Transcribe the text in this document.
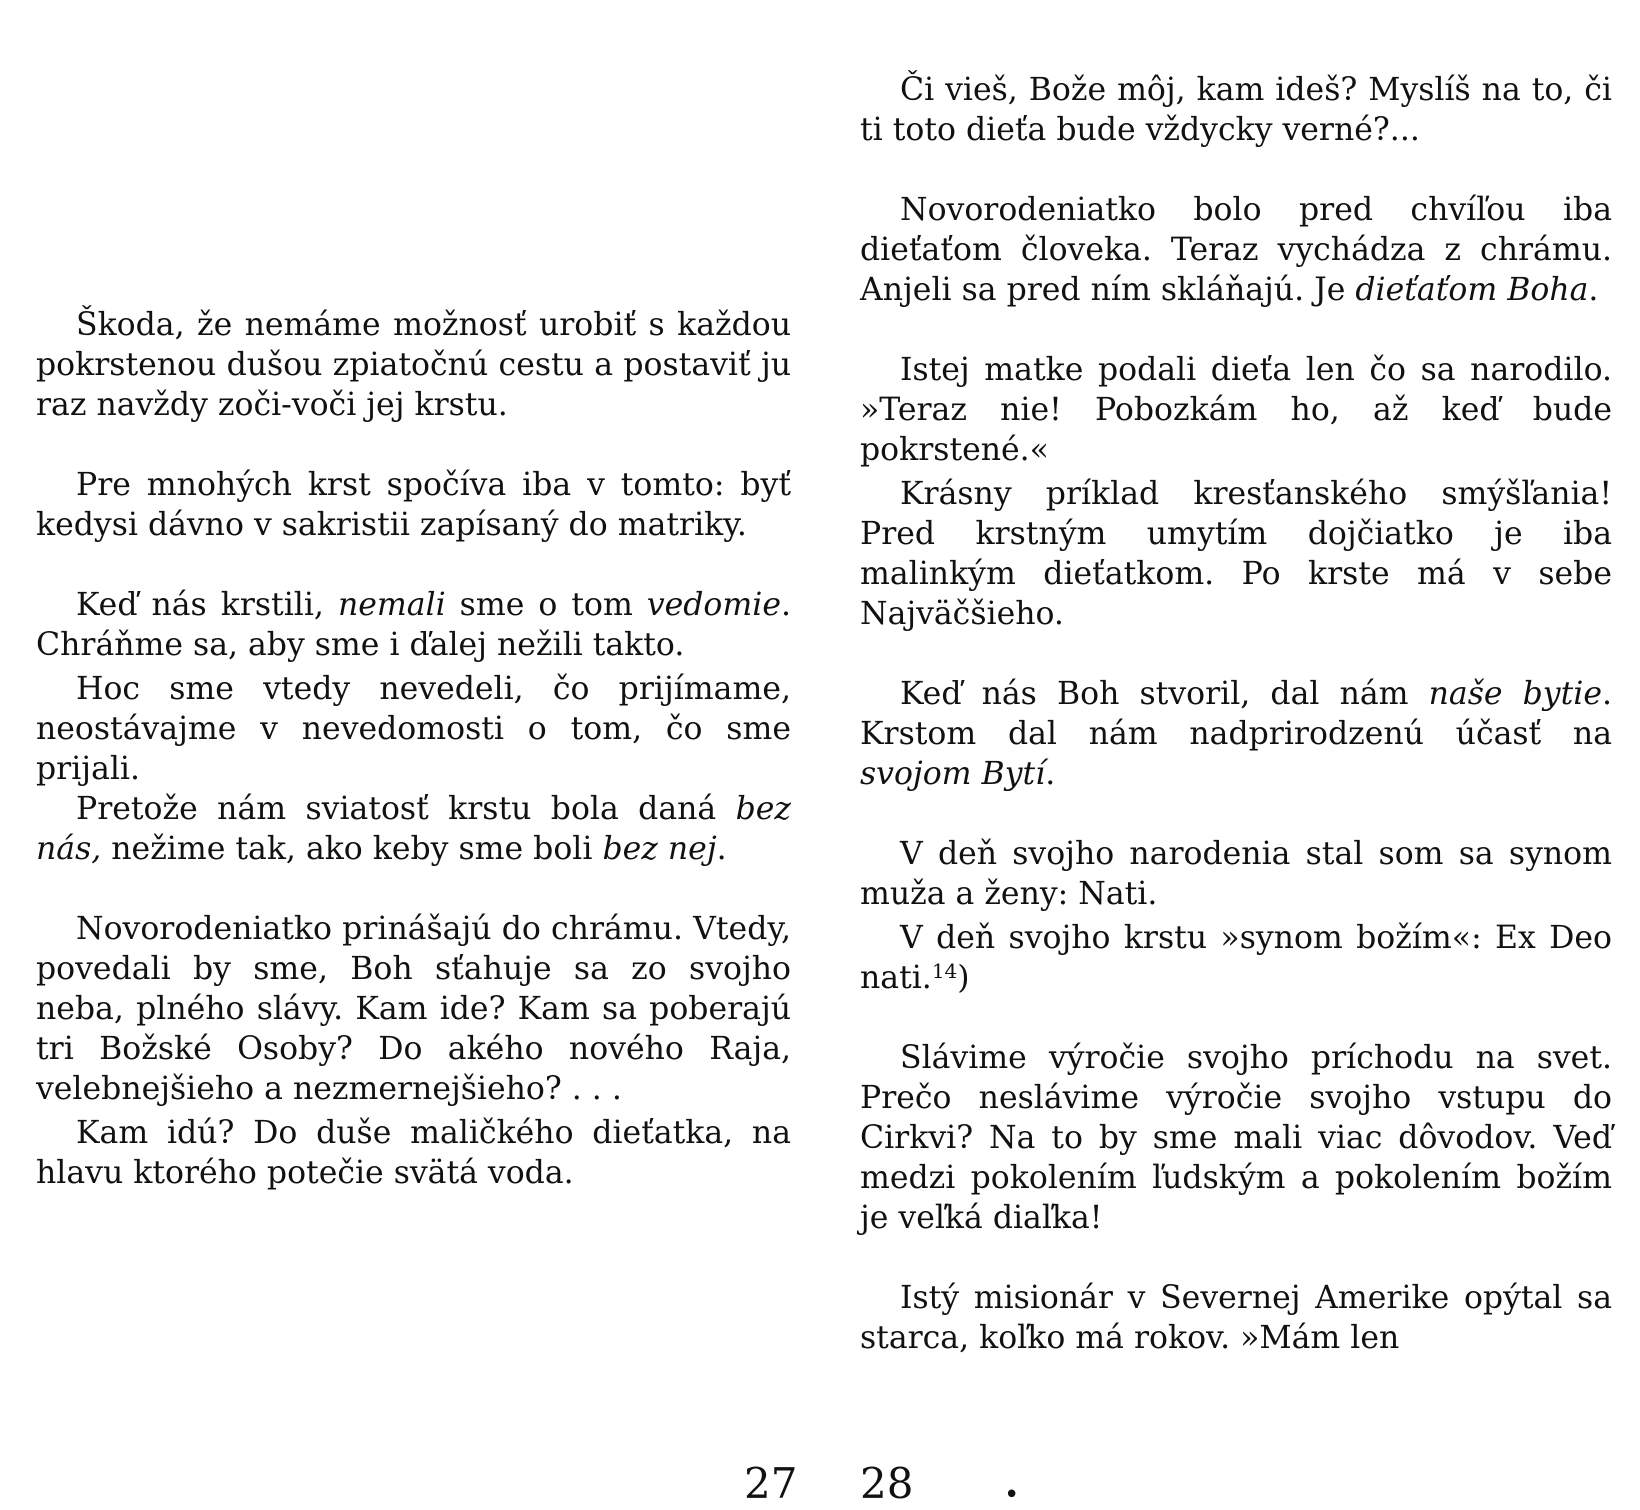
Škoda, že nemáme možnosť urobiť s každou pokrstenou dušou zpiatočnú cestu a postaviť ju raz navždy zoči-voči jej krstu.

Pre mnohých krst spočíva iba v tomto: byť kedysi dávno v sakristii zapísaný do matriky.

Keď nás krstili, nemali sme o tom vedomie. Chráňme sa, aby sme i ďalej nežili takto.

Hoc sme vtedy nevedeli, čo prijímame, neostávajme v nevedomosti o tom, čo sme prijali.

Pretože nám sviatosť krstu bola daná bez nás, nežime tak, ako keby sme boli bez nej.

Novorodeniatko prinášajú do chrámu. Vtedy, povedali by sme, Boh sťahuje sa zo svojho neba, plného slávy. Kam ide? Kam sa poberajú tri Božské Osoby? Do akého nového Raja, velebnejšieho a nezmernejšieho? . . .

Kam idú? Do duše maličkého dieťatka, na hlavu ktorého potečie svätá voda.

Či vieš, Bože môj, kam ideš? Myslíš na to, či ti toto dieťa bude vždycky verné?...

Novorodeniatko bolo pred chvíľou iba dieťaťom človeka. Teraz vychádza z chrámu. Anjeli sa pred ním skláňajú. Je dieťaťom Boha.

Istej matke podali dieťa len čo sa narodilo. »Teraz nie! Pobozkám ho, až keď bude pokrstené.«

Krásny príklad kresťanského smýšľania! Pred krstným umytím dojčiatko je iba malinkým dieťatkom. Po krste má v sebe Najväčšieho.

Keď nás Boh stvoril, dal nám naše bytie. Krstom dal nám nadprirodzenú účasť na svojom Bytí.

V deň svojho narodenia stal som sa synom muža a ženy: Nati.

V deň svojho krstu »synom božím«: Ex Deo nati.$^{14}$)

Slávime výročie svojho príchodu na svet. Prečo neslávime výročie svojho vstupu do Cirkvi? Na to by sme mali viac dôvodov. Veď medzi pokolením ľudským a pokolením božím je veľká diaľka!

Istý misionár v Severnej Amerike opýtal sa starca, koľko má rokov. »Mám len

27 28	•
